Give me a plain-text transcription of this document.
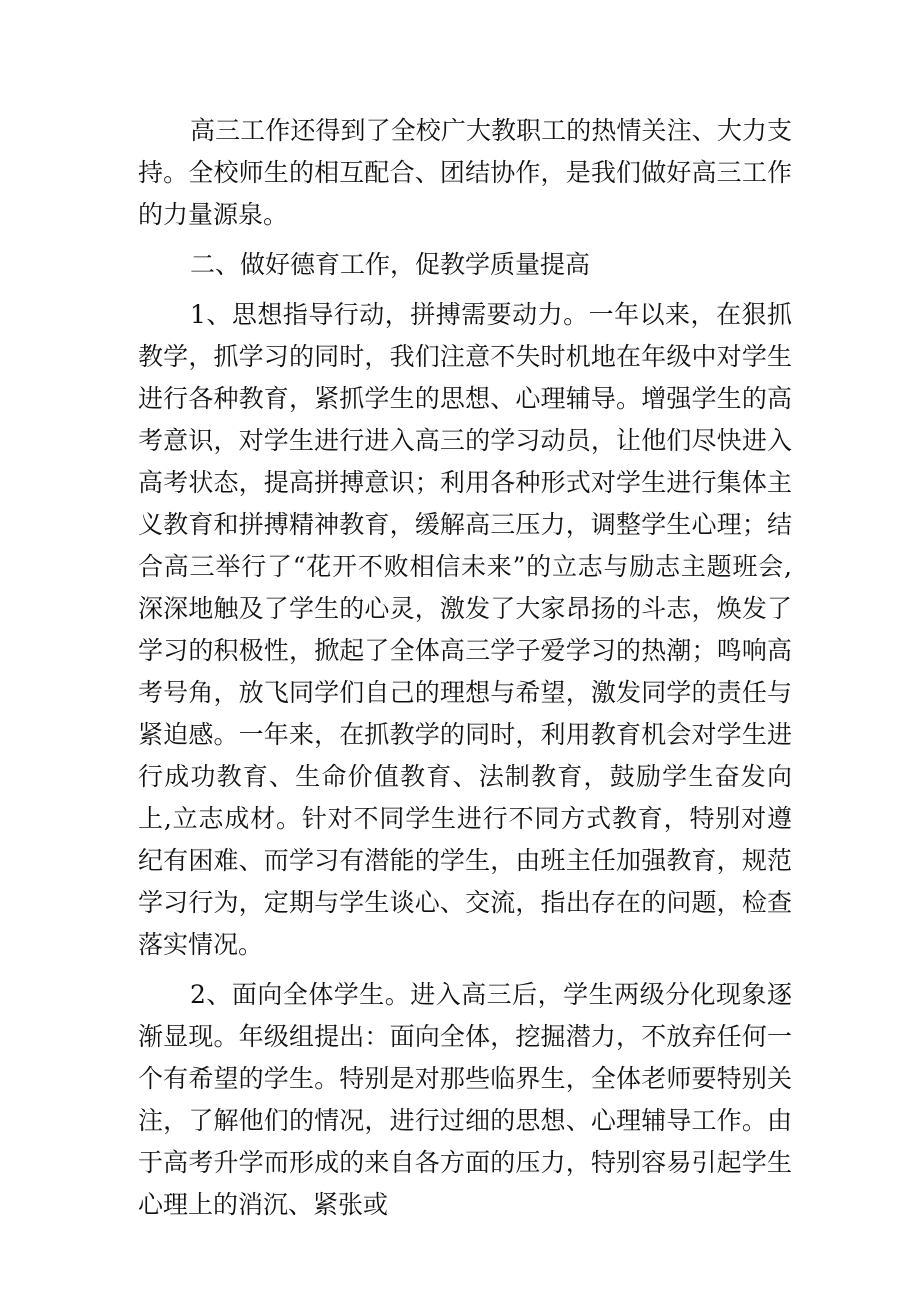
高三工作还得到了全校广大教职工的热情关注、大力支持。全校师生的相互配合、团结协作，是我们做好高三工作的力量源泉。

二、做好德育工作，促教学质量提高

1、思想指导行动，拼搏需要动力。一年以来，在狠抓教学，抓学习的同时，我们注意不失时机地在年级中对学生进行各种教育，紧抓学生的思想、心理辅导。增强学生的高考意识，对学生进行进入高三的学习动员，让他们尽快进入高考状态，提高拼搏意识；利用各种形式对学生进行集体主义教育和拼搏精神教育，缓解高三压力，调整学生心理；结合高三举行了“花开不败相信未来”的立志与励志主题班会,深深地触及了学生的心灵，激发了大家昂扬的斗志，焕发了学习的积极性，掀起了全体高三学子爱学习的热潮；鸣响高考号角，放飞同学们自己的理想与希望，激发同学的责任与紧迫感。一年来，在抓教学的同时，利用教育机会对学生进行成功教育、生命价值教育、法制教育，鼓励学生奋发向上,立志成材。针对不同学生进行不同方式教育，特别对遵纪有困难、而学习有潜能的学生，由班主任加强教育，规范学习行为，定期与学生谈心、交流，指出存在的问题，检查落实情况。

2、面向全体学生。进入高三后，学生两级分化现象逐渐显现。年级组提出：面向全体，挖掘潜力，不放弃任何一个有希望的学生。特别是对那些临界生，全体老师要特别关注，了解他们的情况，进行过细的思想、心理辅导工作。由于高考升学而形成的来自各方面的压力，特别容易引起学生心理上的消沉、紧张或
